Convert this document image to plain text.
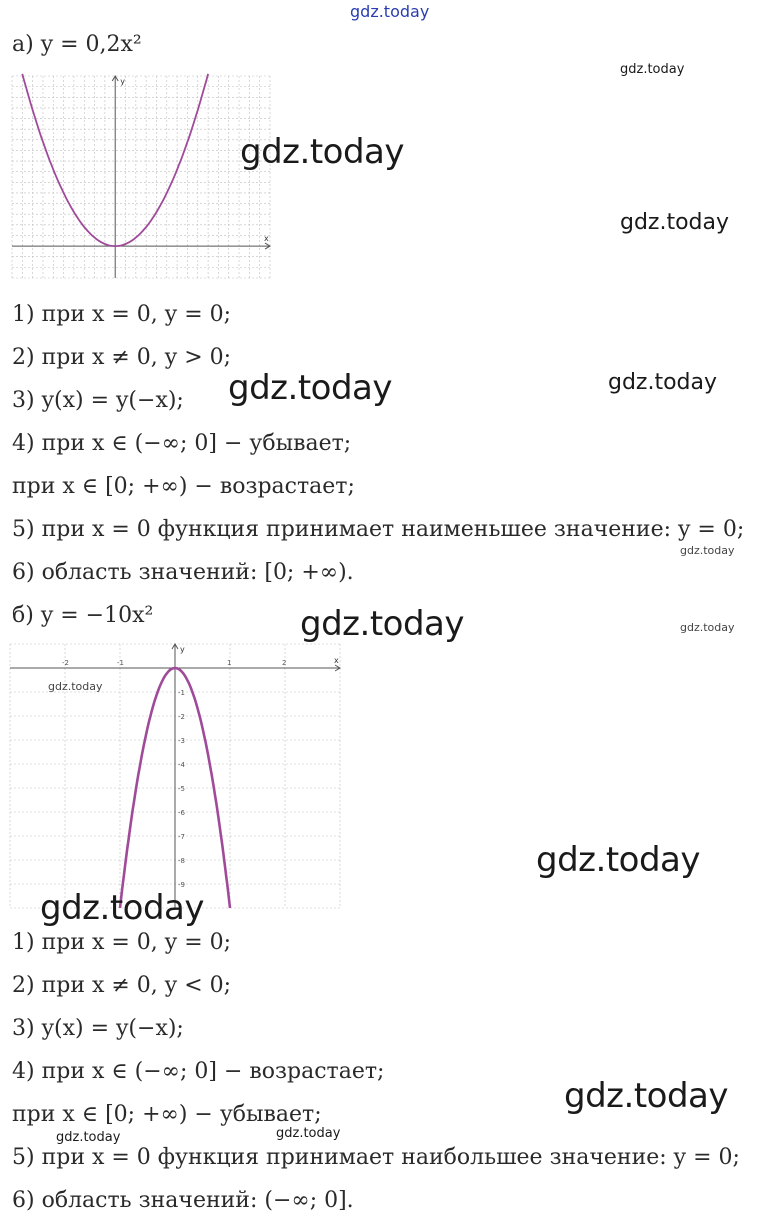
gdz.today
а) y = 0,2x²
x
y
1) при x = 0, y = 0;
2) при x ≠ 0, y > 0;
3) y(x) = y(−x);
4) при x ∈ (−∞; 0] − убывает;
при x ∈ [0; +∞) − возрастает;
5) при x = 0 функция принимает наименьшее значение: y = 0;
6) область значений: [0; +∞).
б) y = −10x²
x
y
-2	-1	1	2
-1
-2
-3
-4
-5
-6
-7
-8
-9
1) при x = 0, y = 0;
2) при x ≠ 0, y < 0;
3) y(x) = y(−x);
4) при x ∈ (−∞; 0] − возрастает;
при x ∈ [0; +∞) − убывает;
5) при x = 0 функция принимает наибольшее значение: y = 0;
6) область значений: (−∞; 0].
gdz.today
gdz.today
gdz.today
gdz.today	gdz.today
gdz.today
gdz.today	gdz.today
gdz.today
gdz.today
gdz.today
gdz.today
gdz.today	gdz.today
